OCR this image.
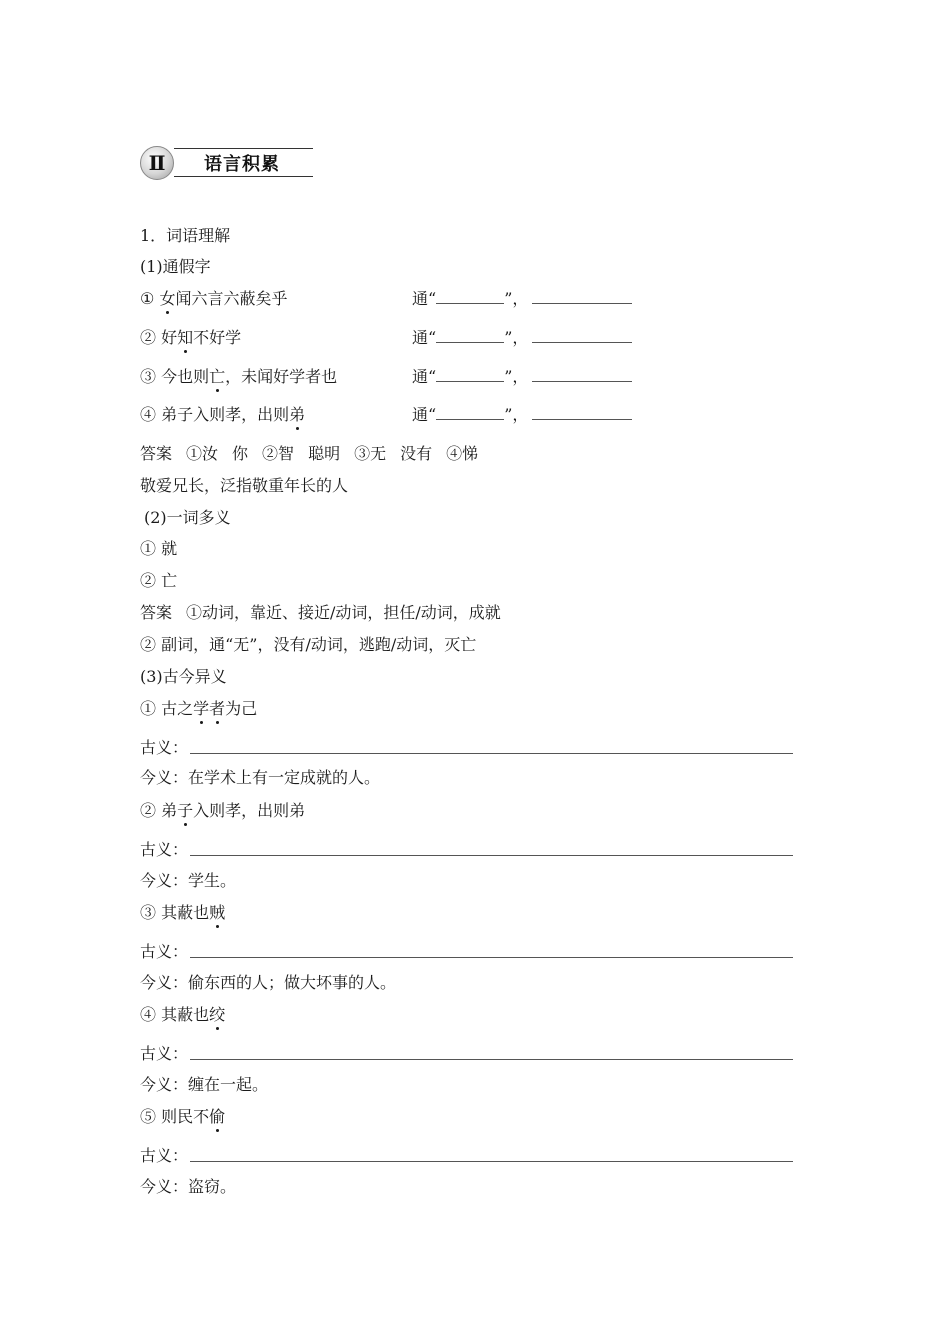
Ⅱ	语言积累
1．词语理解
(1)通假字
① 女闻六言六蔽矣乎	通“	”，
② 好知不好学	通“	”，
③ 今也则亡，未闻好学者也	通“	”，
④ 弟子入则孝，出则弟	通“	”，
答案 ①汝 你 ②智 聪明 ③无 没有 ④悌
敬爱兄长，泛指敬重年长的人
(2)一词多义
① 就
② 亡
答案 ①动词，靠近、接近/动词，担任/动词，成就
② 副词，通“无”，没有/动词，逃跑/动词，灭亡
(3)古今异义
① 古之学者为己
古义：
今义：在学术上有一定成就的人。
② 弟子入则孝，出则弟
古义：
今义：学生。
③ 其蔽也贼
古义：
今义：偷东西的人；做大坏事的人。
④ 其蔽也绞
古义：
今义：缠在一起。
⑤ 则民不偷
古义：
今义：盗窃。
